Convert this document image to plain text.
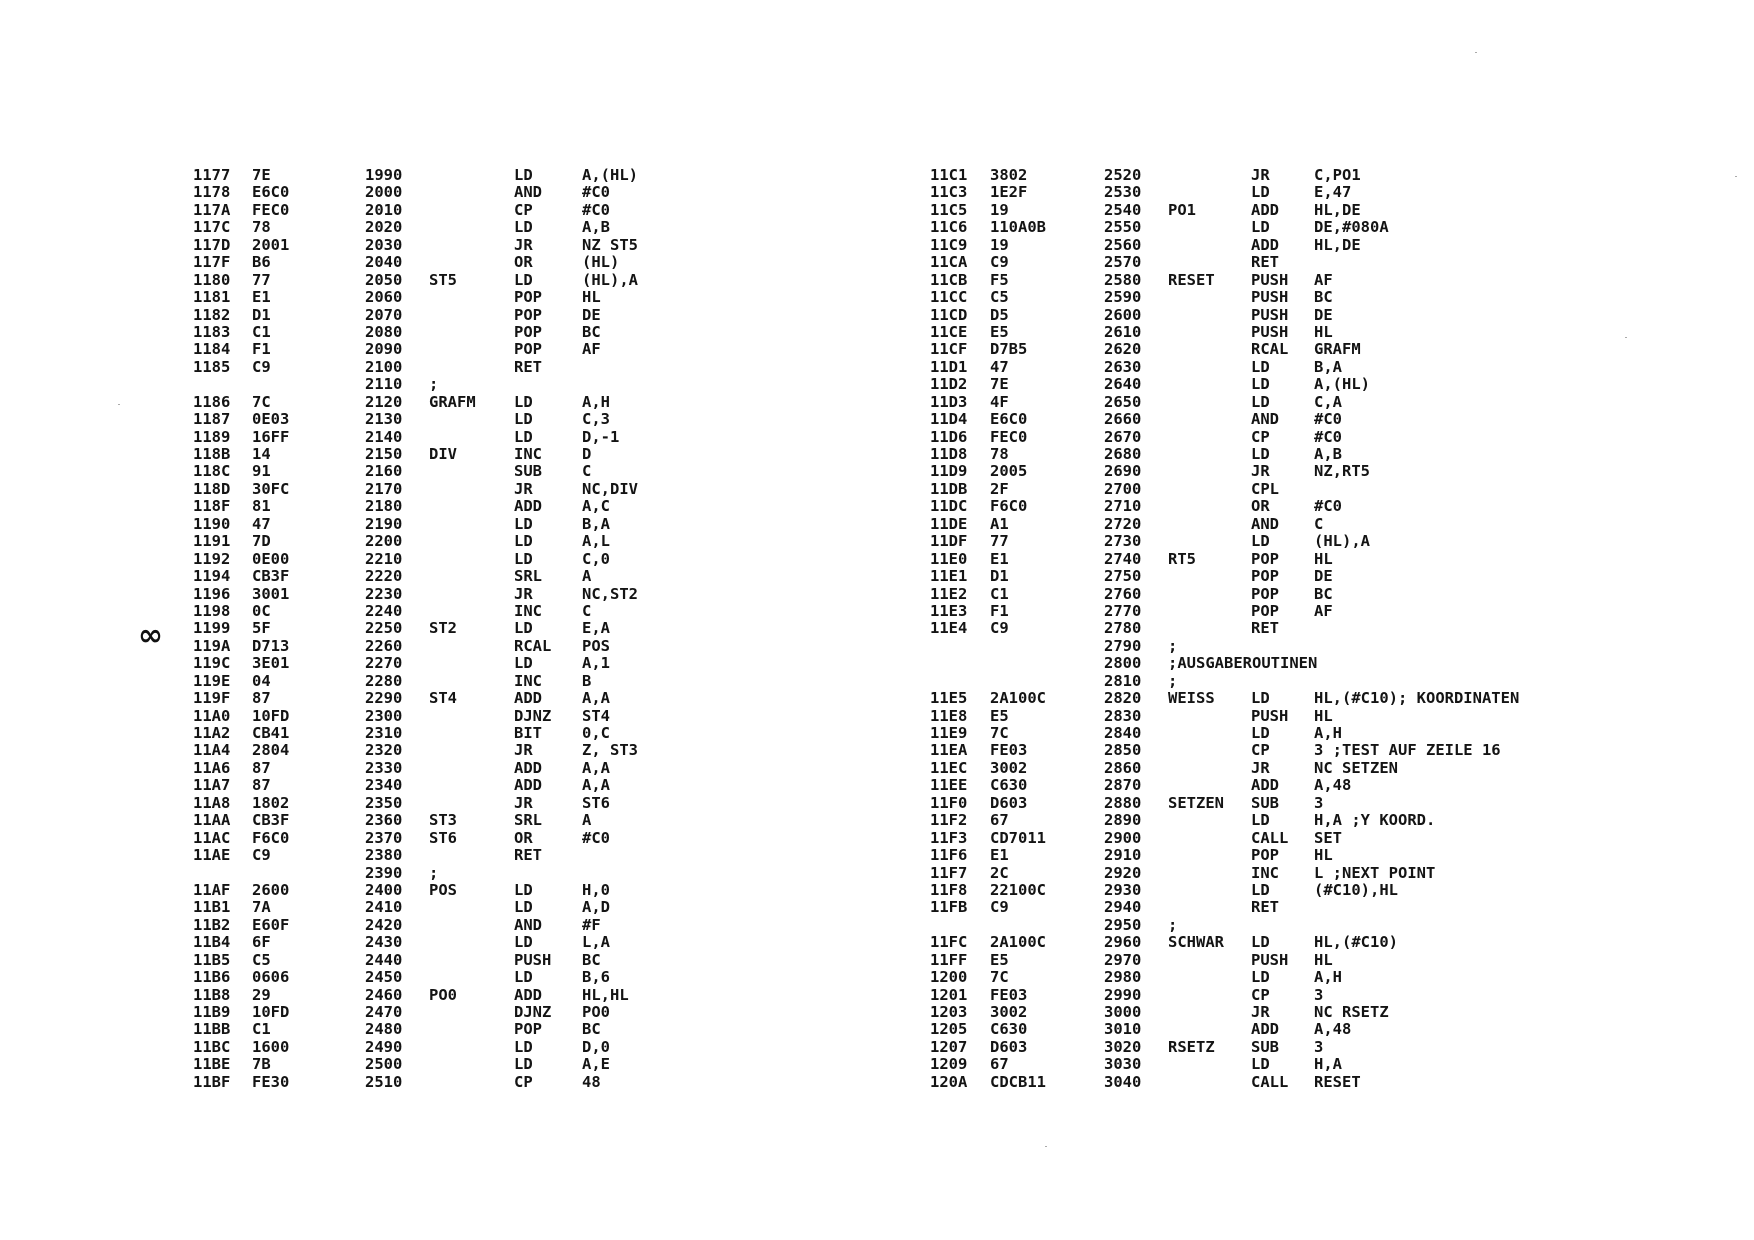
∞
1177 7E	1990	LD	A,(HL)
1178 E6C0	2000	AND	#C0
117A FEC0	2010	CP	#C0
117C 78	2020	LD	A,B
117D 2001	2030	JR	NZ ST5
117F B6	2040	OR	(HL)
1180 77	2050 ST5	LD	(HL),A
1181 E1	2060	POP	HL
1182 D1	2070	POP	DE
1183 C1	2080	POP	BC
1184 F1	2090	POP	AF
1185 C9	2100	RET
2110 ;
1186 7C	2120 GRAFM LD	A,H
1187 0E03	2130	LD	C,3
1189 16FF	2140	LD	D,-1
118B 14	2150 DIV	INC	D
118C 91	2160	SUB	C
118D 30FC	2170	JR	NC,DIV
118F 81	2180	ADD	A,C
1190 47	2190	LD	B,A
1191 7D	2200	LD	A,L
1192 0E00	2210	LD	C,0
1194 CB3F	2220	SRL	A
1196 3001	2230	JR	NC,ST2
1198 0C	2240	INC	C
1199 5F	2250 ST2	LD	E,A
119A D713	2260	RCAL POS
119C 3E01	2270	LD	A,1
119E 04	2280	INC	B
119F 87	2290 ST4	ADD	A,A
11A0 10FD	2300	DJNZ ST4
11A2 CB41	2310	BIT	0,C
11A4 2804	2320	JR	Z, ST3
11A6 87	2330	ADD	A,A
11A7 87	2340	ADD	A,A
11A8 1802	2350	JR	ST6
11AA CB3F	2360 ST3	SRL	A
11AC F6C0	2370 ST6	OR	#C0
11AE C9	2380	RET
2390 ;
11AF 2600	2400 POS	LD	H,0
11B1 7A	2410	LD	A,D
11B2 E60F	2420	AND	#F
11B4 6F	2430	LD	L,A
11B5 C5	2440	PUSH BC
11B6 0606	2450	LD	B,6
11B8 29	2460 PO0	ADD	HL,HL
11B9 10FD	2470	DJNZ PO0
11BB C1	2480	POP	BC
11BC 1600	2490	LD	D,0
11BE 7B	2500	LD	A,E
11BF FE30	2510	CP	48
11C1 3802	2520	JR	C,PO1
11C3 1E2F	2530	LD	E,47
11C5 19	2540 PO1	ADD HL,DE
11C6 110A0B	2550	LD	DE,#080A
11C9 19	2560	ADD HL,DE
11CA C9	2570	RET
11CB F5	2580 RESET PUSH AF
11CC C5	2590	PUSH BC
11CD D5	2600	PUSH DE
11CE E5	2610	PUSH HL
11CF D7B5	2620	RCAL GRAFM
11D1 47	2630	LD	B,A
11D2 7E	2640	LD	A,(HL)
11D3 4F	2650	LD	C,A
11D4 E6C0	2660	AND #C0
11D6 FEC0	2670	CP	#C0
11D8 78	2680	LD	A,B
11D9 2005	2690	JR	NZ,RT5
11DB 2F	2700	CPL
11DC F6C0	2710	OR	#C0
11DE A1	2720	AND C
11DF 77	2730	LD	(HL),A
11E0 E1	2740 RT5	POP HL
11E1 D1	2750	POP DE
11E2 C1	2760	POP BC
11E3 F1	2770	POP AF
11E4 C9	2780	RET
2790 ;
2800 ;AUSGABEROUTINEN
2810 ;
11E5 2A100C	2820 WEISS LD	HL,(#C10); KOORDINATEN
11E8 E5	2830	PUSH HL
11E9 7C	2840	LD	A,H
11EA FE03	2850	CP	3 ;TEST AUF ZEILE 16
11EC 3002	2860	JR	NC SETZEN
11EE C630	2870	ADD A,48
11F0 D603	2880 SETZEN SUB 3
11F2 67	2890	LD	H,A ;Y KOORD.
11F3 CD7011	2900	CALL SET
11F6 E1	2910	POP HL
11F7 2C	2920	INC L ;NEXT POINT
11F8 22100C	2930	LD	(#C10),HL
11FB C9	2940	RET
2950 ;
11FC 2A100C	2960 SCHWAR LD	HL,(#C10)
11FF E5	2970	PUSH HL
1200 7C	2980	LD	A,H
1201 FE03	2990	CP	3
1203 3002	3000	JR	NC RSETZ
1205 C630	3010	ADD A,48
1207 D603	3020 RSETZ SUB 3
1209 67	3030	LD	H,A
120A CDCB11	3040	CALL RESET
